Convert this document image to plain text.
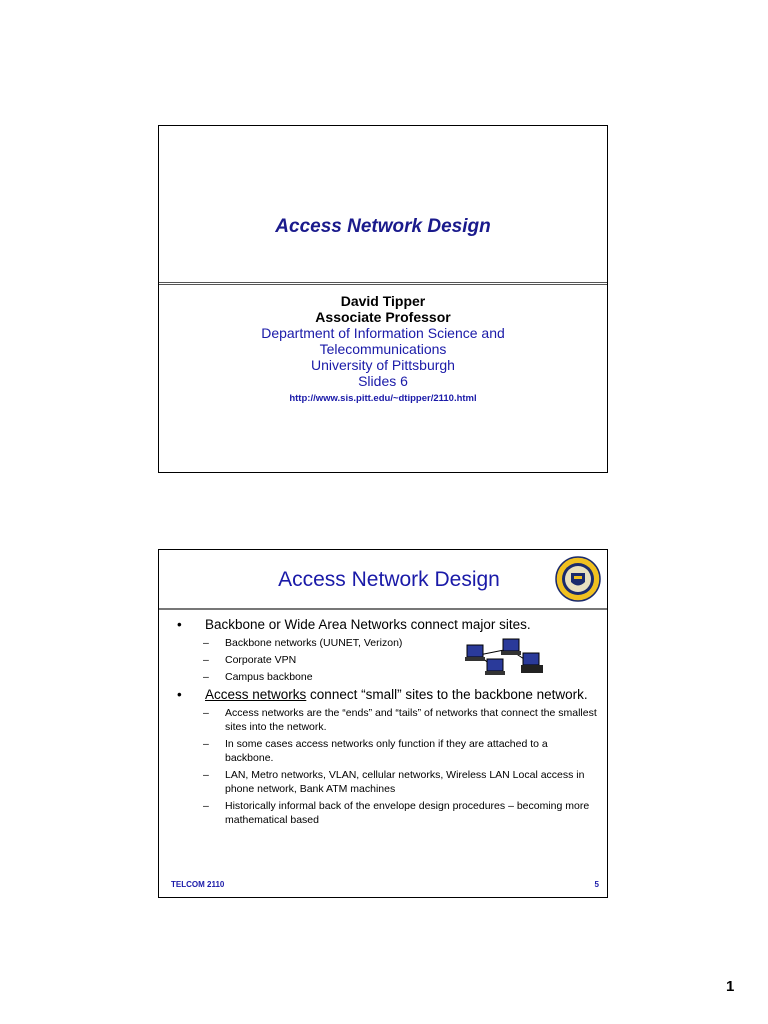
Access Network Design
David Tipper
Associate Professor
Department of Information Science and
Telecommunications
University of Pittsburgh
Slides 6
http://www.sis.pitt.edu/~dtipper/2110.html
Access Network Design
• Backbone or Wide Area Networks connect major sites.
– Backbone networks (UUNET, Verizon)
– Corporate VPN
– Campus backbone
• Access networks connect “small” sites to the backbone network.
– Access networks are the “ends” and “tails” of networks that connect the smallest sites into the network.
– In some cases access networks only function if they are attached to a backbone.
– LAN, Metro networks, VLAN, cellular networks, Wireless LAN Local access in phone network, Bank ATM machines
– Historically informal back of the envelope design procedures – becoming more mathematical based
TELCOM 2110	5
1
